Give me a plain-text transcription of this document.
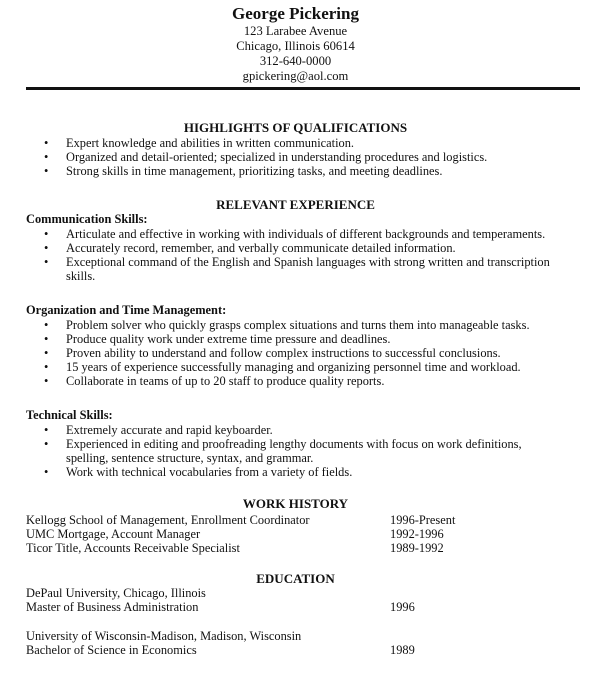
George Pickering
123 Larabee Avenue
Chicago, Illinois 60614
312-640-0000
gpickering@aol.com
HIGHLIGHTS OF QUALIFICATIONS
• Expert knowledge and abilities in written communication.
• Organized and detail-oriented; specialized in understanding procedures and logistics.
• Strong skills in time management, prioritizing tasks, and meeting deadlines.
RELEVANT EXPERIENCE
Communication Skills:
• Articulate and effective in working with individuals of different backgrounds and temperaments.
• Accurately record, remember, and verbally communicate detailed information.
• Exceptional command of the English and Spanish languages with strong written and transcription skills.
Organization and Time Management:
• Problem solver who quickly grasps complex situations and turns them into manageable tasks.
• Produce quality work under extreme time pressure and deadlines.
• Proven ability to understand and follow complex instructions to successful conclusions.
• 15 years of experience successfully managing and organizing personnel time and workload.
• Collaborate in teams of up to 20 staff to produce quality reports.
Technical Skills:
• Extremely accurate and rapid keyboarder.
• Experienced in editing and proofreading lengthy documents with focus on work definitions, spelling, sentence structure, syntax, and grammar.
• Work with technical vocabularies from a variety of fields.
WORK HISTORY
Kellogg School of Management, Enrollment Coordinator	1996-Present
UMC Mortgage, Account Manager	1992-1996
Ticor Title, Accounts Receivable Specialist	1989-1992
EDUCATION
DePaul University, Chicago, Illinois
Master of Business Administration	1996
University of Wisconsin-Madison, Madison, Wisconsin
Bachelor of Science in Economics	1989
